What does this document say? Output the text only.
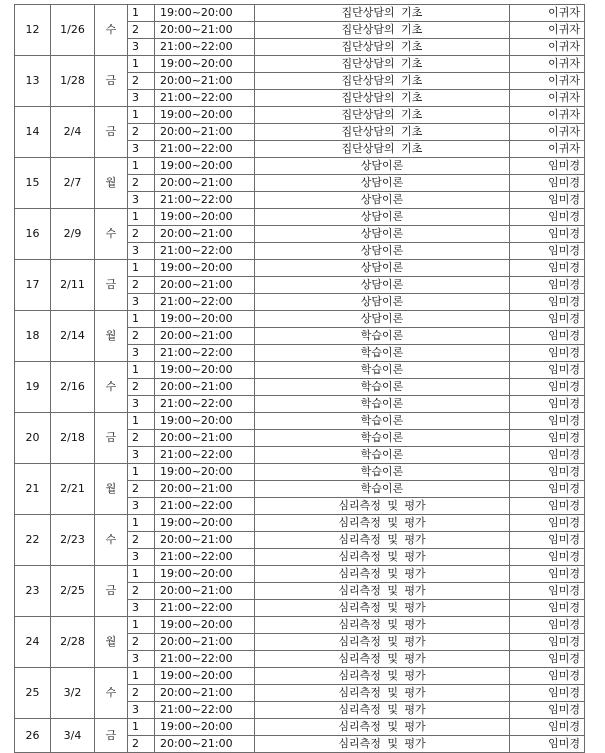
12	1/26	수	1	19:00~20:00	집단상담의 기초	이귀자
			2	20:00~21:00	집단상담의 기초	이귀자
			3	21:00~22:00	집단상담의 기초	이귀자
13	1/28	금	1	19:00~20:00	집단상담의 기초	이귀자
			2	20:00~21:00	집단상담의 기초	이귀자
			3	21:00~22:00	집단상담의 기초	이귀자
14	2/4	금	1	19:00~20:00	집단상담의 기초	이귀자
			2	20:00~21:00	집단상담의 기초	이귀자
			3	21:00~22:00	집단상담의 기초	이귀자
15	2/7	월	1	19:00~20:00	상담이론	임미경
			2	20:00~21:00	상담이론	임미경
			3	21:00~22:00	상담이론	임미경
16	2/9	수	1	19:00~20:00	상담이론	임미경
			2	20:00~21:00	상담이론	임미경
			3	21:00~22:00	상담이론	임미경
17	2/11	금	1	19:00~20:00	상담이론	임미경
			2	20:00~21:00	상담이론	임미경
			3	21:00~22:00	상담이론	임미경
18	2/14	월	1	19:00~20:00	상담이론	임미경
			2	20:00~21:00	학습이론	임미경
			3	21:00~22:00	학습이론	임미경
19	2/16	수	1	19:00~20:00	학습이론	임미경
			2	20:00~21:00	학습이론	임미경
			3	21:00~22:00	학습이론	임미경
20	2/18	금	1	19:00~20:00	학습이론	임미경
			2	20:00~21:00	학습이론	임미경
			3	21:00~22:00	학습이론	임미경
21	2/21	월	1	19:00~20:00	학습이론	임미경
			2	20:00~21:00	학습이론	임미경
			3	21:00~22:00	심리측정 및 평가	임미경
22	2/23	수	1	19:00~20:00	심리측정 및 평가	임미경
			2	20:00~21:00	심리측정 및 평가	임미경
			3	21:00~22:00	심리측정 및 평가	임미경
23	2/25	금	1	19:00~20:00	심리측정 및 평가	임미경
			2	20:00~21:00	심리측정 및 평가	임미경
			3	21:00~22:00	심리측정 및 평가	임미경
24	2/28	월	1	19:00~20:00	심리측정 및 평가	임미경
			2	20:00~21:00	심리측정 및 평가	임미경
			3	21:00~22:00	심리측정 및 평가	임미경
25	3/2	수	1	19:00~20:00	심리측정 및 평가	임미경
			2	20:00~21:00	심리측정 및 평가	임미경
			3	21:00~22:00	심리측정 및 평가	임미경
26	3/4	금	1	19:00~20:00	심리측정 및 평가	임미경
			2	20:00~21:00	심리측정 및 평가	임미경
